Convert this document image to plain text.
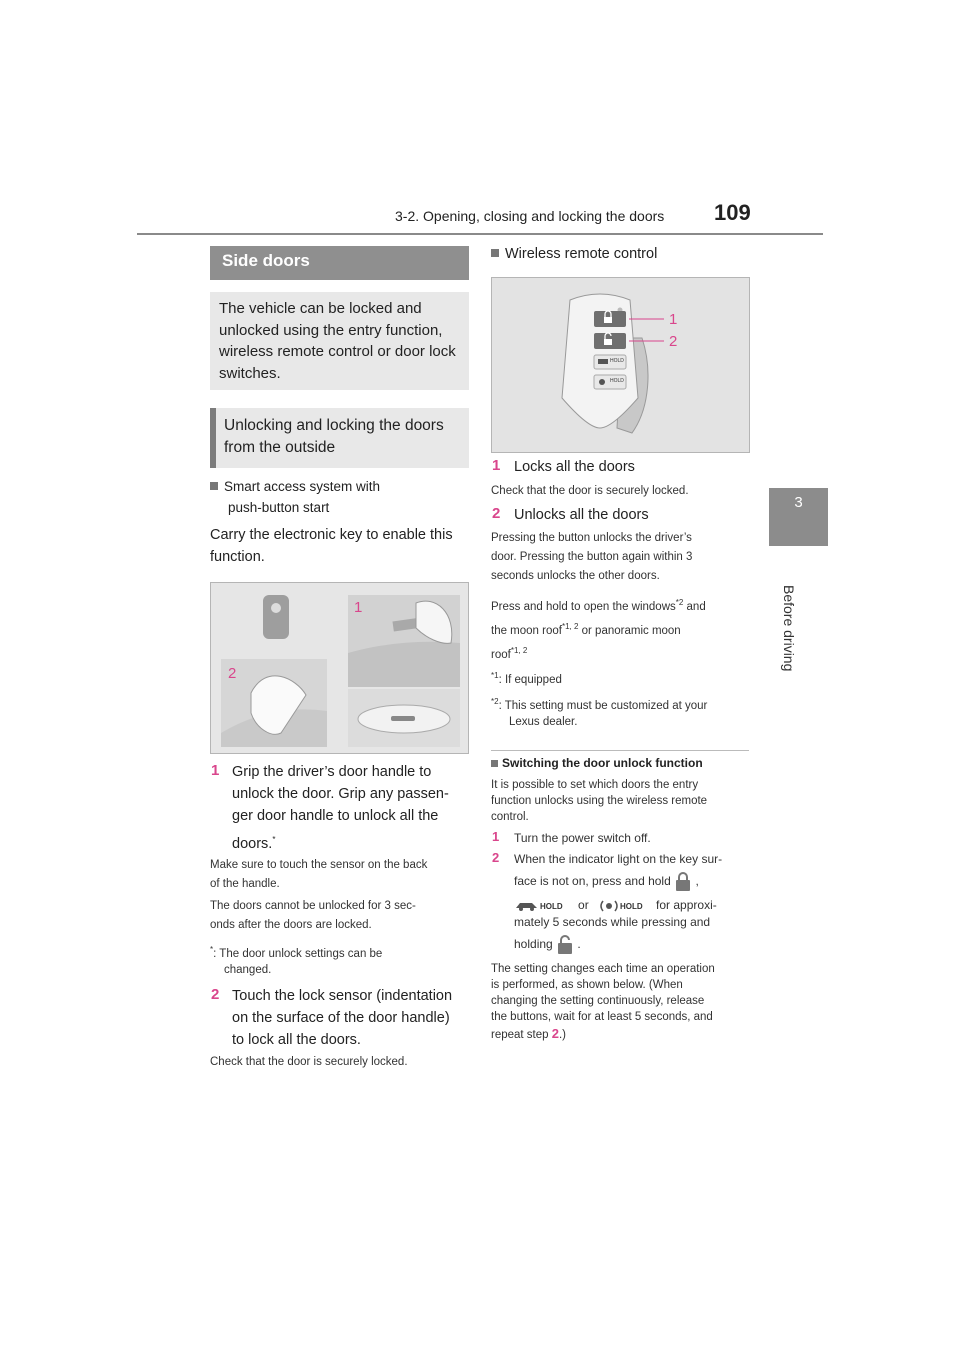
3-2. Opening, closing and locking the doors 109
3
Before driving
Side doors
The vehicle can be locked and unlocked using the entry function, wireless remote control or door lock switches.
Unlocking and locking the doors from the outside
Smart access system with
push-button start
Carry the electronic key to enable this function.
1
2
1 Grip the driver’s door handle to
unlock the door. Grip any passen-
ger door handle to unlock all the
doors.*
Make sure to touch the sensor on the back
of the handle.
The doors cannot be unlocked for 3 sec-
onds after the doors are locked.
*: The door unlock settings can be
changed.
2 Touch the lock sensor (indentation
on the surface of the door handle)
to lock all the doors.
Check that the door is securely locked.
Wireless remote control
HOLD
HOLD
1
2
1 Locks all the doors
Check that the door is securely locked.
2 Unlocks all the doors
Pressing the button unlocks the driver’s
door. Pressing the button again within 3
seconds unlocks the other doors.
Press and hold to open the windows$^{*2}$ and
the moon roof$^{*1, 2}$ or panoramic moon
roof$^{*1, 2}$
$^{*1}$: If equipped
$^{*2}$: This setting must be customized at your
Lexus dealer.
Switching the door unlock function
It is possible to set which doors the entry
function unlocks using the wireless remote
control.
1 Turn the power switch off.
2 When the indicator light on the key sur-
face is not on, press and hold ,
HOLD or	HOLD for approxi-
mately 5 seconds while pressing and
holding .
The setting changes each time an operation
is performed, as shown below. (When
changing the setting continuously, release
the buttons, wait for at least 5 seconds, and
repeat step 2.)
